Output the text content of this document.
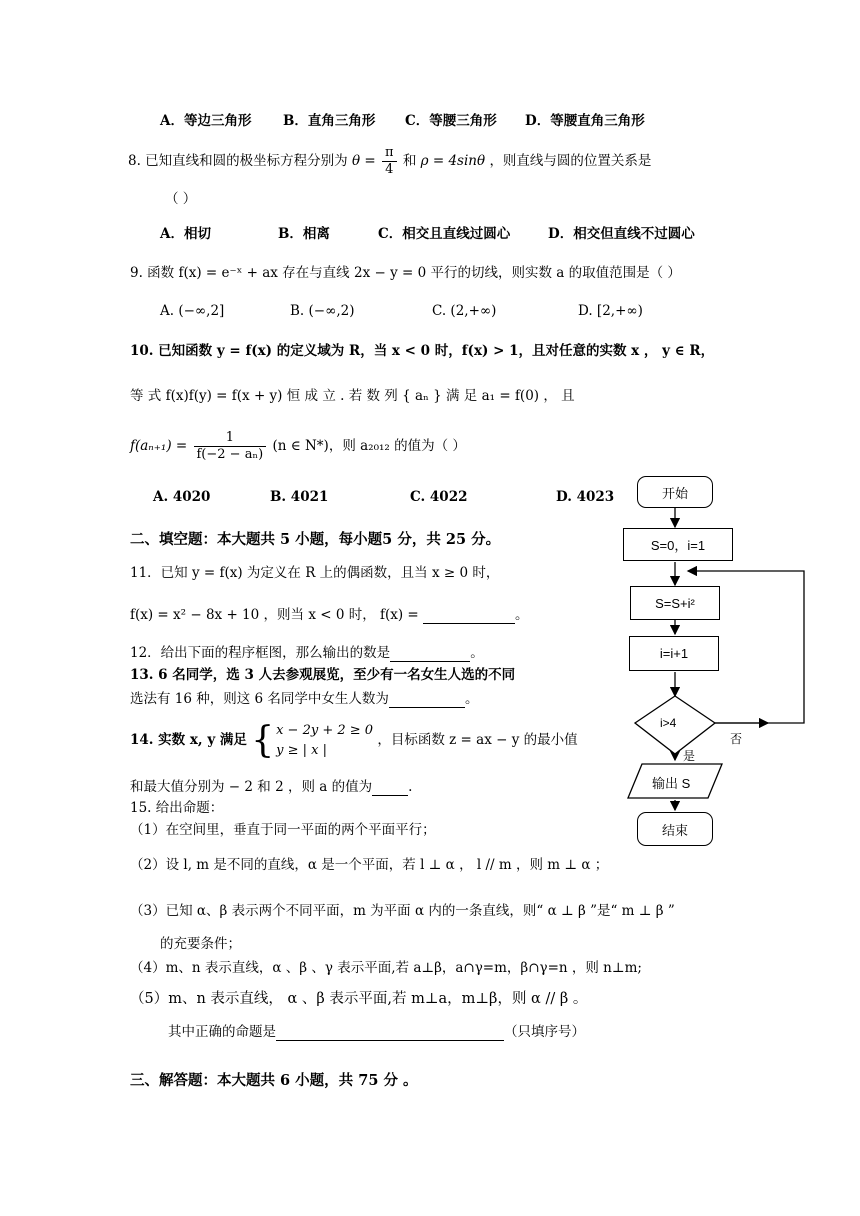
A．等边三角形 B．直角三角形 C．等腰三角形 D．等腰直角三角形
8. 已知直线和圆的极坐标方程分别为 $\theta = \frac{\pi}{4}$ 和 ρ = 4sinθ ，则直线与圆的位置关系是
（ ）
A．相切	B．相离	C．相交且直线过圆心	D．相交但直线不过圆心
9. 函数 f(x) = e⁻ˣ + ax 存在与直线 2x − y = 0 平行的切线，则实数 a 的取值范围是（ ）
A. (−∞,2]	B. (−∞,2)	C. (2,+∞)	D. [2,+∞)
10. 已知函数 y = f(x) 的定义域为 R，当 x < 0 时，f(x) > 1，且对任意的实数 x ， y ∈ R，
等 式 f(x)f(y) = f(x + y) 恒 成 立 . 若 数 列 { aₙ } 满 足 a₁ = f(0) ， 且
$f(a_{n+1}) = \frac{1}{\text{f(−2 − aₙ)}} (n$ ∈ N*)，则 a₂₀₁₂ 的值为（ ）
A. 4020	B. 4021	C. 4022	D. 4023
二、填空题：本大题共 5 小题，每小题5 分，共 25 分。
11．已知 y = f(x) 为定义在 R 上的偶函数，且当 x ≥ 0 时，
f(x) = x² − 8x + 10 ，则当 x < 0 时， f(x) =	。
12．给出下面的程序框图，那么输出的数是	。
13. 6 名同学，选 3 人去参观展览，至少有一名女生人选的不同
选法有 16 种，则这 6 名同学中女生人数为	。
14. 实数 x, y 满足 { x − 2y + 2 ≥ 0
y ≥ | x |
，目标函数 z = ax − y 的最小值
和最大值分别为 − 2 和 2 ，则 a 的值为	.
15. 给出命题：
（1）在空间里，垂直于同一平面的两个平面平行；
（2）设 l, m 是不同的直线，α 是一个平面，若 l ⊥ α ， l // m ，则 m ⊥ α ；
（3）已知 α、β 表示两个不同平面，m 为平面 α 内的一条直线，则“ α ⊥ β ”是“ m ⊥ β ”
的充要条件；
（4）m、n 表示直线，α 、β 、γ 表示平面,若 a⊥β，a∩γ=m，β∩γ=n ，则 n⊥m;
（5）m、n 表示直线， α 、β 表示平面,若 m⊥a，m⊥β，则 α // β 。
其中正确的命题是	（只填序号）
三、解答题：本大题共 6 小题，共 75 分 。
开始
S=0，i=1
S=S+i²
i=i+1
i>4
是
否
输出 S
结束
